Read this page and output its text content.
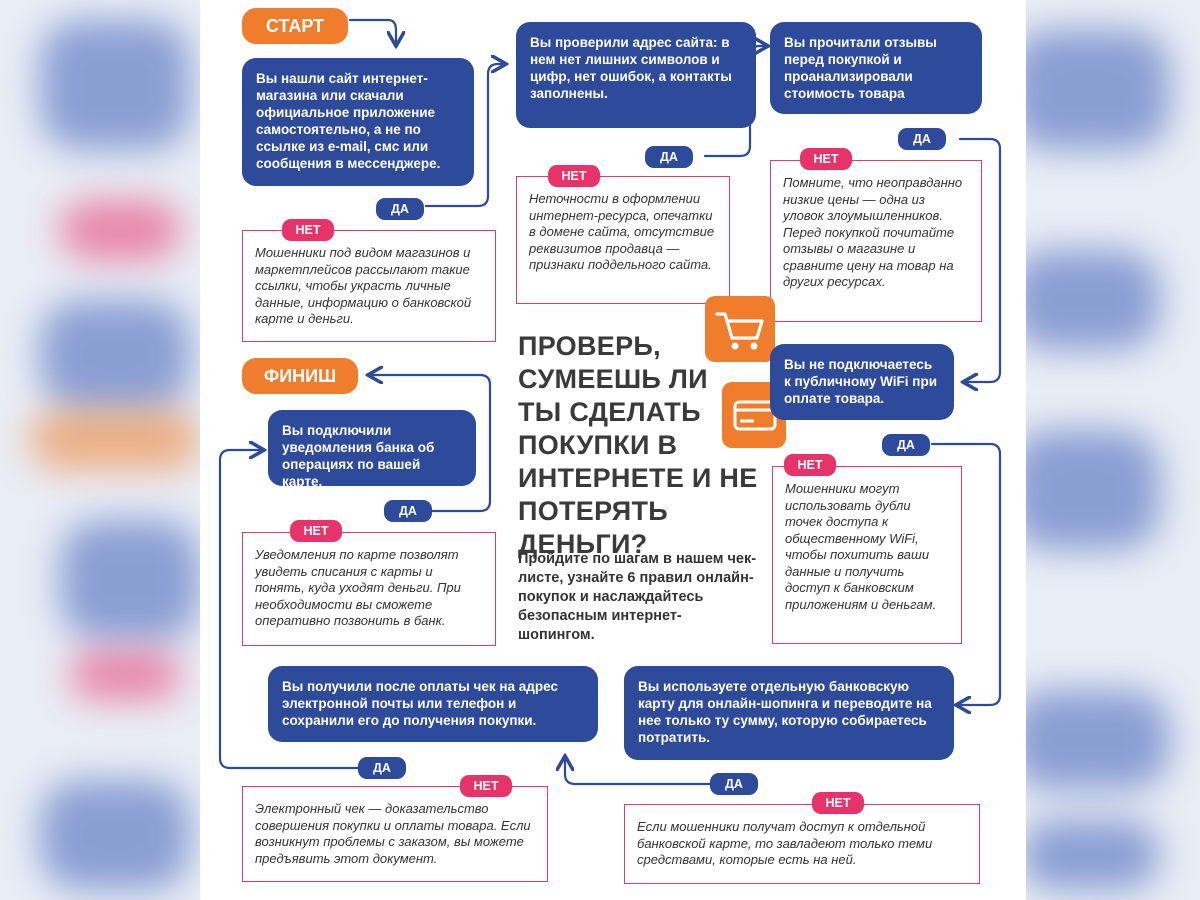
СТАРТ
ФИНИШ
Вы нашли сайт интернет-магазина или скачали официальное приложение самостоятельно, а не по ссылке из e-mail, смс или сообщения в мессенджере.
ДА
Мошенники под видом магазинов и маркетплейсов рассылают такие ссылки, чтобы украсть личные данные, информацию о банковской карте и деньги.
НЕТ
Вы проверили адрес сайта: в нем нет лишних символов и цифр, нет ошибок, а контакты заполнены.
ДА
Неточности в оформлении интернет-ресурса, опечатки в домене сайта, отсутствие реквизитов продавца — признаки поддельного сайта.
НЕТ
Вы прочитали отзывы перед покупкой и проанализировали стоимость товара
ДА
Помните, что неоправданно низкие цены — одна из уловок злоумышленников. Перед покупкой почитайте отзывы о магазине и сравните цену на товар на других ресурсах.
НЕТ
Вы не подключаетесь к публичному WiFi при оплате товара.
ДА
Мошенники могут использовать дубли точек доступа к общественному WiFi, чтобы похитить ваши данные и получить доступ к банковским приложениям и деньгам.
НЕТ
ПРОВЕРЬ, СУМЕЕШЬ ЛИ ТЫ СДЕЛАТЬ ПОКУПКИ В ИНТЕРНЕТЕ И НЕ ПОТЕРЯТЬ ДЕНЬГИ?
Пройдите по шагам в нашем чек-листе, узнайте 6 правил онлайн-покупок и наслаждайтесь безопасным интернет-шопингом.
Вы подключили уведомления банка об операциях по вашей карте.
ДА
Уведомления по карте позволят увидеть списания с карты и понять, куда уходят деньги. При необходимости вы сможете оперативно позвонить в банк.
НЕТ
Вы получили после оплаты чек на адрес электронной почты или телефон и сохранили его до получения покупки.
ДА
Электронный чек — доказательство совершения покупки и оплаты товара. Если возникнут проблемы с заказом, вы можете предъявить этот документ.
НЕТ
Вы используете отдельную банковскую карту для онлайн-шопинга и переводите на нее только ту сумму, которую собираетесь потратить.
ДА
Если мошенники получат доступ к отдельной банковской карте, то завладеют только теми средствами, которые есть на ней.
НЕТ
